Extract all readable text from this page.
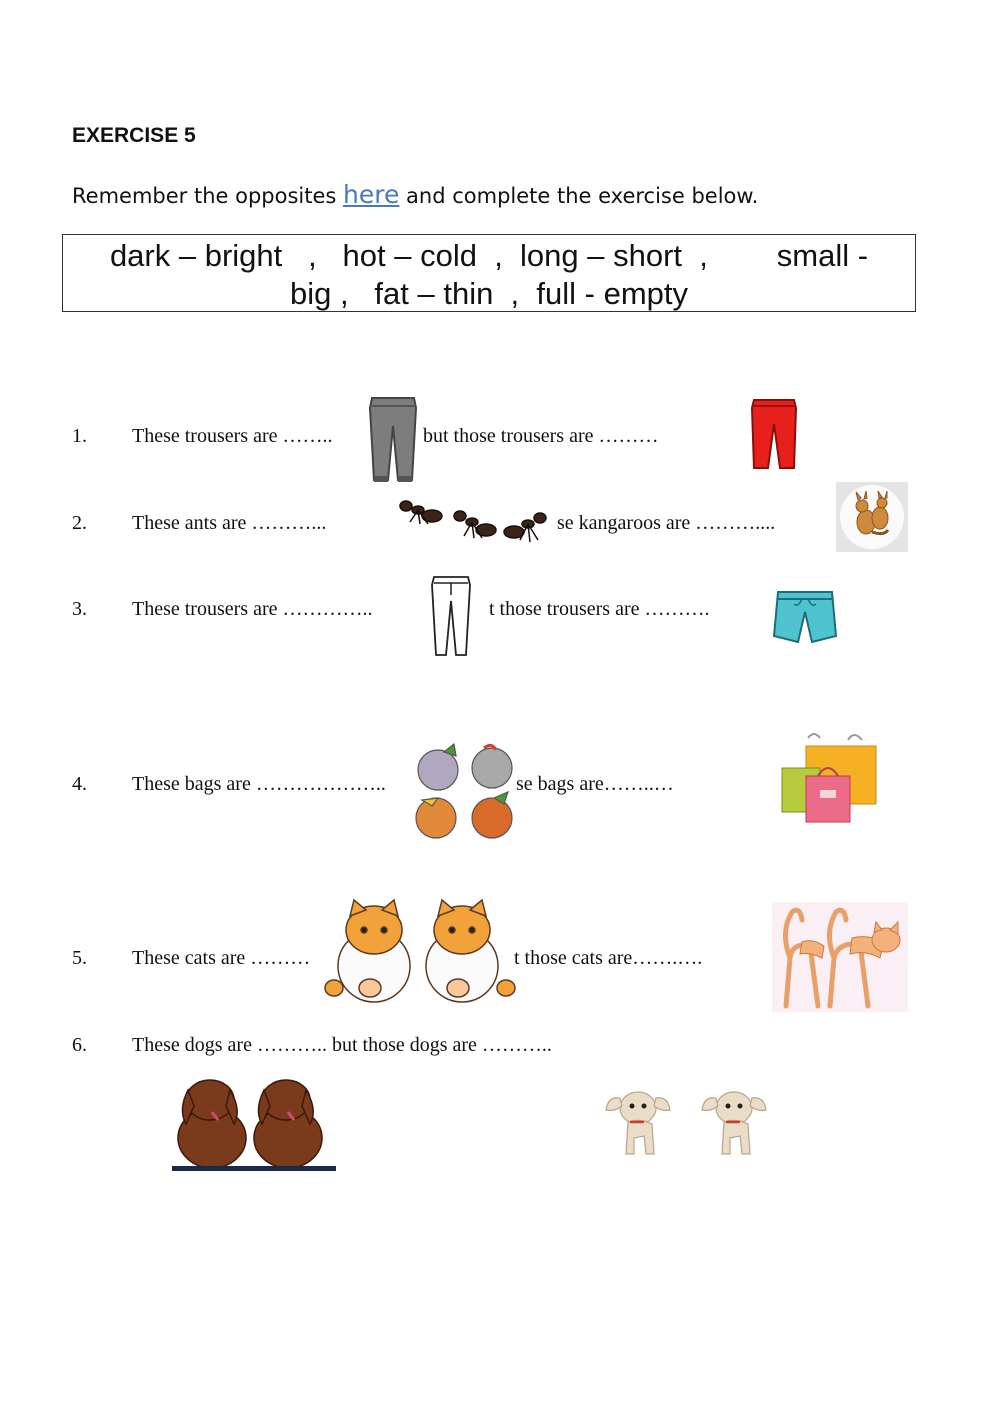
EXERCISE 5
Remember the opposites here and complete the exercise below.
dark – bright   ,   hot – cold  ,  long – short  ,        small -
big ,   fat – thin  ,  full - empty
1. These trousers are ……..	but those trousers are ………
2. These ants are ………...	se kangaroos are ………....
3. These trousers are …………..	t those trousers are ……….
4. These bags are ………………..	se bags are……..…
5. These cats are ………	t those cats are…….….
6. These dogs are ……….. but those dogs are ………..
